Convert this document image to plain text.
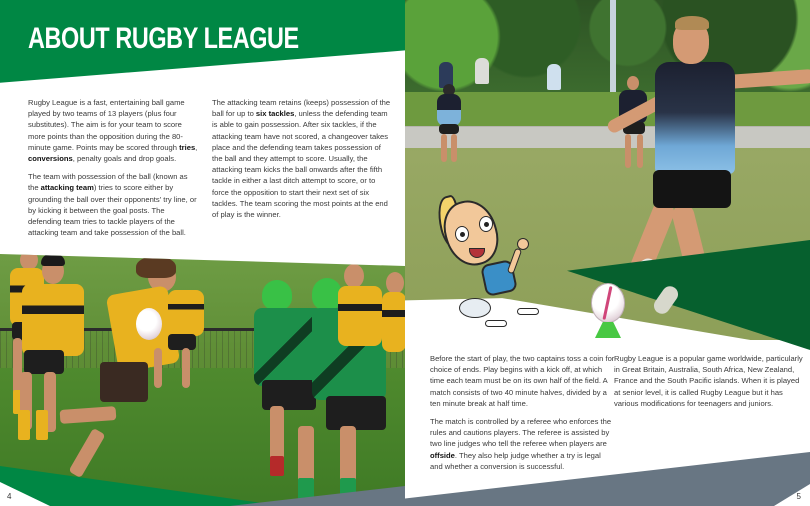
ABOUT RUGBY LEAGUE

Rugby League is a fast, entertaining ball game played by two teams of 13 players (plus four substitutes). The aim is for your team to score more points than the opposition during the 80-minute game. Points may be scored through tries, conversions, penalty goals and drop goals.

The team with possession of the ball (known as the attacking team) tries to score either by grounding the ball over their opponents' try line, or by kicking it between the goal posts. The defending team tries to tackle players of the attacking team and take possession of the ball.

The attacking team retains (keeps) possession of the ball for up to six tackles, unless the defending team is able to gain possession. After six tackles, if the attacking team have not scored, a changeover takes place and the defending team takes possession of the ball and they attempt to score. Usually, the attacking team kicks the ball onwards after the fifth tackle in either a last ditch attempt to score, or to force the opposition to start their next set of six tackles. The team scoring the most points at the end of play is the winner.

4

Before the start of play, the two captains toss a coin for choice of ends. Play begins with a kick off, at which time each team must be on its own half of the field. A match consists of two 40 minute halves, divided by a ten minute break at half time.

The match is controlled by a referee who enforces the rules and cautions players. The referee is assisted by two line judges who tell the referee when players are offside. They also help judge whether a try is legal and whether a conversion is successful.

Rugby League is a popular game worldwide, particularly in Great Britain, Australia, South Africa, New Zealand, France and the South Pacific islands. When it is played at senior level, it is called Rugby League but it has various modifications for teenagers and juniors.

5
